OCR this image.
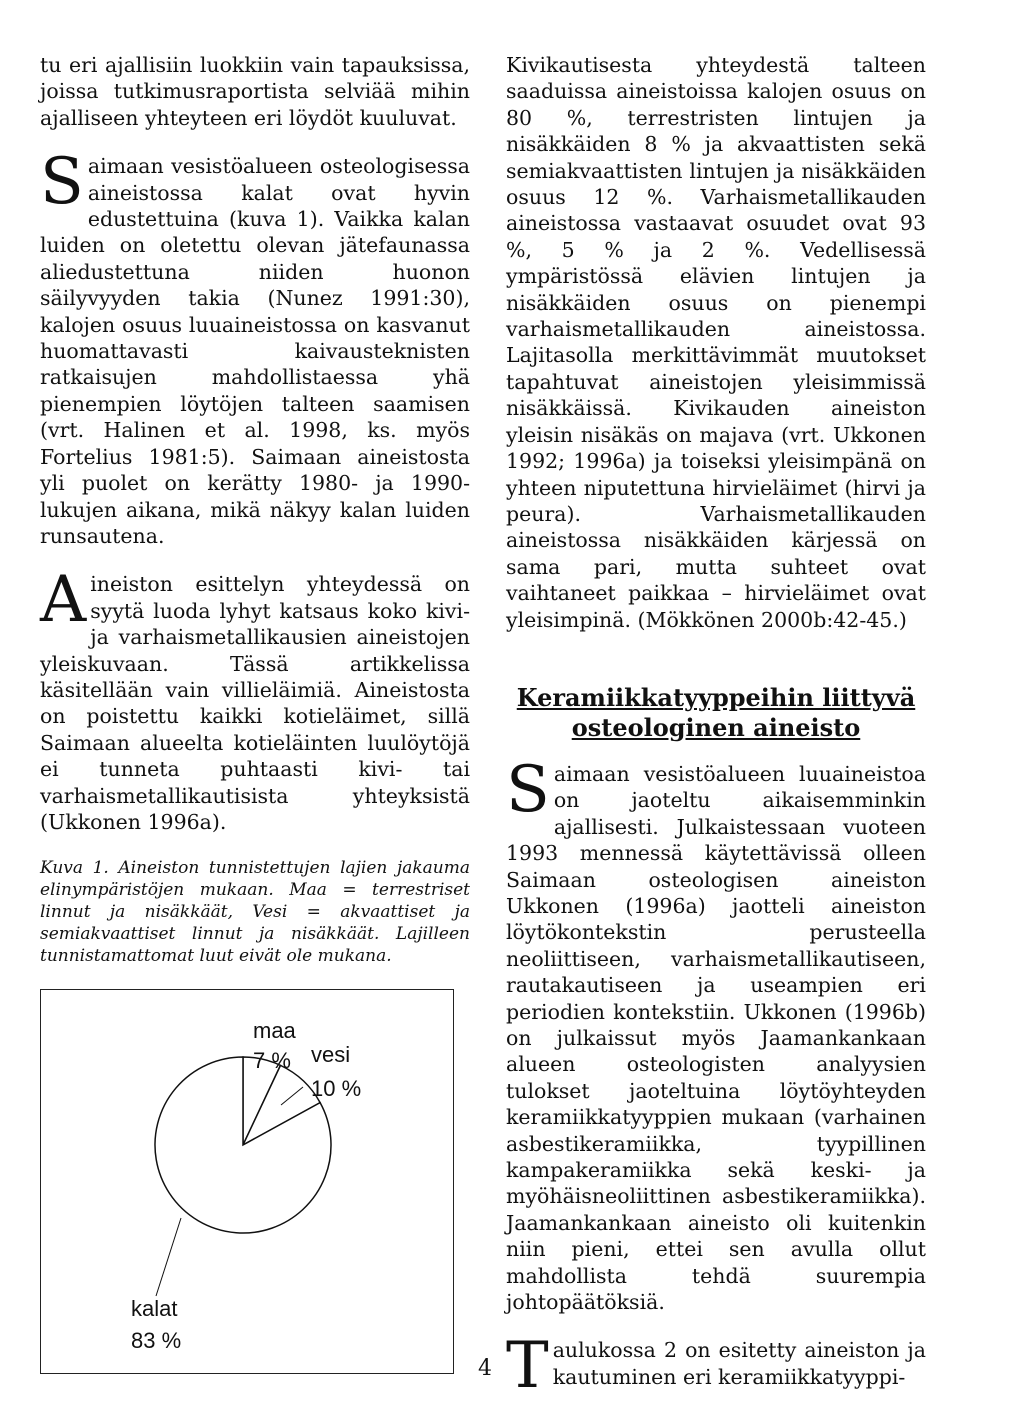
tu eri ajallisiin luokkiin vain tapauksissa, joissa tutkimusraportista selviää mihin ajalliseen yhteyteen eri löydöt kuuluvat.

S aimaan vesistöalueen osteologisessa aineistossa kalat ovat hyvin edustettuina (kuva 1). Vaikka kalan luiden on oletettu olevan jätefaunassa aliedustettuna niiden huonon säilyvyyden takia (Nunez 1991:30), kalojen osuus luuaineistossa on kasvanut huomattavasti kaivausteknisten ratkaisujen mahdollistaessa yhä pienempien löytöjen talteen saamisen (vrt. Halinen et al. 1998, ks. myös Fortelius 1981:5). Saimaan aineistosta yli puolet on kerätty 1980- ja 1990-lukujen aikana, mikä näkyy kalan luiden runsautena.

A ineiston esittelyn yhteydessä on syytä luoda lyhyt katsaus koko kivi- ja varhaismetallikausien aineistojen yleiskuvaan. Tässä artikkelissa käsitellään vain villieläimiä. Aineistosta on poistettu kaikki kotieläimet, sillä Saimaan alueelta kotieläinten luulöytöjä ei tunneta puhtaasti kivi- tai varhaismetallikautisista yhteyksistä (Ukkonen 1996a).

Kuva 1. Aineiston tunnistettujen lajien jakauma elinympäristöjen mukaan. Maa = terrestriset linnut ja nisäkkäät, Vesi = akvaattiset ja semiakvaattiset linnut ja nisäkkäät. Lajilleen tunnistamattomat luut eivät ole mukana.

maa
7 % vesi
10 %
kalat
83 %

Kivikautisesta yhteydestä talteen saaduissa aineistoissa kalojen osuus on 80 %, terrestristen lintujen ja nisäkkäiden 8 % ja akvaattisten sekä semiakvaattisten lintujen ja nisäkkäiden osuus 12 %. Varhaismetallikauden aineistossa vastaavat osuudet ovat 93 %, 5 % ja 2 %. Vedellisessä ympäristössä elävien lintujen ja nisäkkäiden osuus on pienempi varhaismetallikauden aineistossa. Lajitasolla merkittävimmät muutokset tapahtuvat aineistojen yleisimmissä nisäkkäissä. Kivikauden aineiston yleisin nisäkäs on majava (vrt. Ukkonen 1992; 1996a) ja toiseksi yleisimpänä on yhteen niputettuna hirvieläimet (hirvi ja peura). Varhaismetallikauden aineistossa nisäkkäiden kärjessä on sama pari, mutta suhteet ovat vaihtaneet paikkaa – hirvieläimet ovat yleisimpinä. (Mökkönen 2000b:42-45.)

Keramiikkatyyppeihin liittyvä osteologinen aineisto

S aimaan vesistöalueen luuaineistoa on jaoteltu aikaisemminkin ajallisesti. Julkaistessaan vuoteen 1993 mennessä käytettävissä olleen Saimaan osteologisen aineiston Ukkonen (1996a) jaotteli aineiston löytökontekstin perusteella neoliittiseen, varhaismetallikautiseen, rautakautiseen ja useampien eri periodien kontekstiin. Ukkonen (1996b) on julkaissut myös Jaamankankaan alueen osteologisten analyysien tulokset jaoteltuina löytöyhteyden keramiikkatyyppien mukaan (varhainen asbestikeramiikka, tyypillinen kampakeramiikka sekä keski- ja myöhäisneoliittinen asbestikeramiikka). Jaamankankaan aineisto oli kuitenkin niin pieni, ettei sen avulla ollut mahdollista tehdä suurempia johtopäätöksiä.

T aulukossa 2 on esitetty aineiston ja kautuminen eri keramiikkatyyppi-

4
